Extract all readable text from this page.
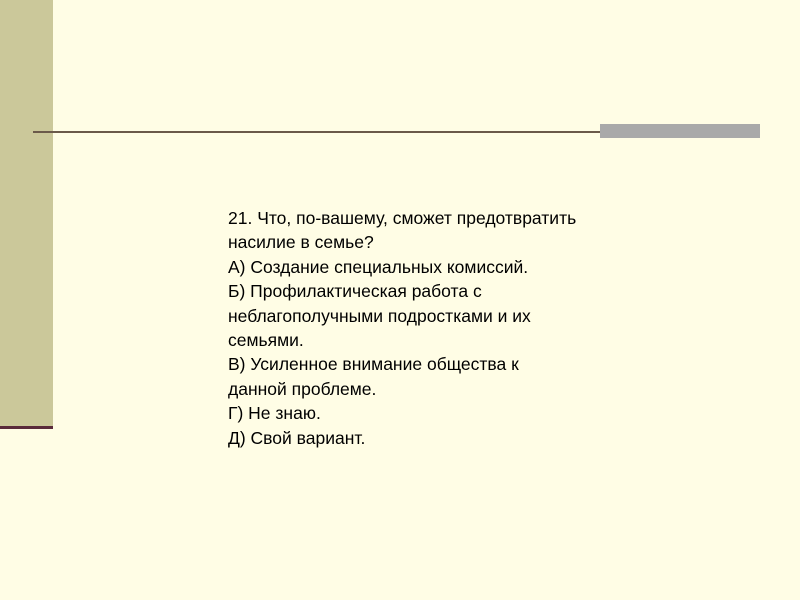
21. Что, по-вашему, сможет предотвратить
насилие в семье?
А) Создание специальных комиссий.
Б) Профилактическая работа с
неблагополучными подростками и их
семьями.
В) Усиленное внимание общества к
данной проблеме.
Г) Не знаю.
Д) Свой вариант.
